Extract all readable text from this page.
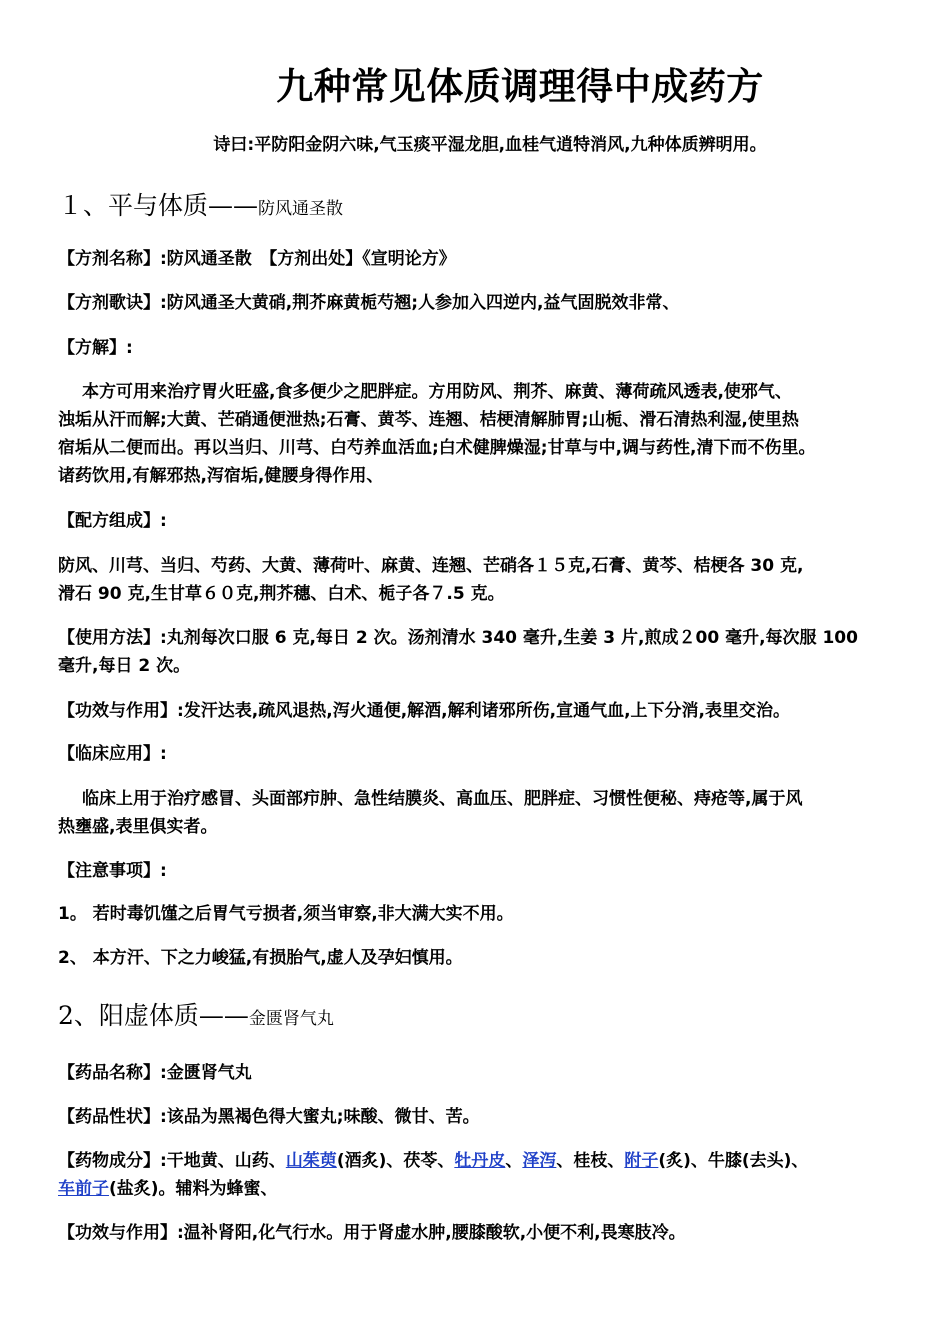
九种常见体质调理得中成药方
诗曰:平防阳金阴六味,气玉痰平湿龙胆,血桂气逍特消风,九种体质辨明用。
１、平与体质——防风通圣散
【方剂名称】:防风通圣散　【方剂出处】《宣明论方》
【方剂歌诀】:防风通圣大黄硝,荆芥麻黄栀芍翘;人参加入四逆内,益气固脱效非常、
【方解】:
本方可用来治疗胃火旺盛,食多便少之肥胖症。方用防风、荆芥、麻黄、薄荷疏风透表,使邪气、
浊垢从汗而解;大黄、芒硝通便泄热;石膏、黄芩、连翘、桔梗清解肺胃;山栀、滑石清热利湿,使里热
宿垢从二便而出。再以当归、川芎、白芍养血活血;白术健脾燥湿;甘草与中,调与药性,清下而不伤里。
诸药饮用,有解邪热,泻宿垢,健腰身得作用、
【配方组成】:
防风、川芎、当归、芍药、大黄、薄荷叶、麻黄、连翘、芒硝各１５克,石膏、黄芩、桔梗各 30 克,
滑石 90 克,生甘草６０克,荆芥穗、白术、栀子各７.5 克。
【使用方法】:丸剂每次口服 6 克,每日 2 次。汤剂清水 340 毫升,生姜 3 片,煎成２00 毫升,每次服 100
毫升,每日 2 次。
【功效与作用】:发汗达表,疏风退热,泻火通便,解酒,解利诸邪所伤,宣通气血,上下分消,表里交治。
【临床应用】:
临床上用于治疗感冒、头面部疖肿、急性结膜炎、高血压、肥胖症、习惯性便秘、痔疮等,属于风
热壅盛,表里俱实者。
【注意事项】:
1。 若时毒饥馑之后胃气亏损者,须当审察,非大满大实不用。
2、 本方汗、下之力峻猛,有损胎气,虚人及孕妇慎用。
2、阳虚体质——金匮肾气丸
【药品名称】:金匮肾气丸
【药品性状】:该品为黑褐色得大蜜丸;味酸、微甘、苦。
【药物成分】:干地黄、山药、山茱萸(酒炙)、茯苓、牡丹皮、泽泻、桂枝、附子(炙)、牛膝(去头)、
车前子(盐炙)。辅料为蜂蜜、
【功效与作用】:温补肾阳,化气行水。用于肾虚水肿,腰膝酸软,小便不利,畏寒肢冷。
